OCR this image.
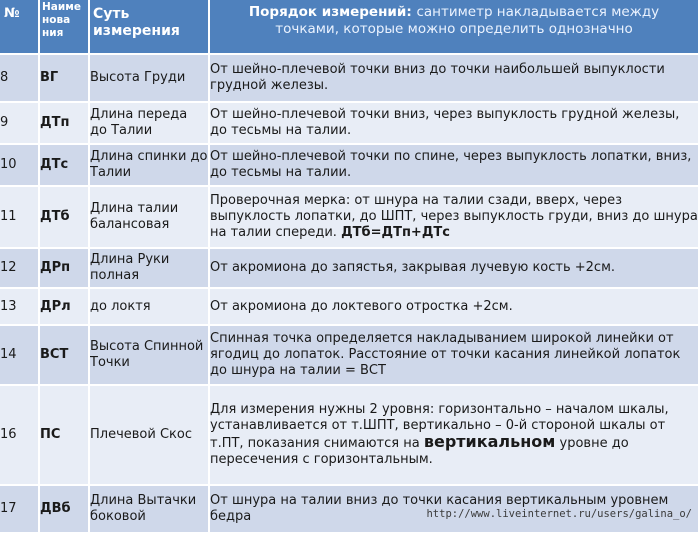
№	Наиме нова ния	Суть измерения	Порядок измерений: сантиметр накладывается между точками, которые можно определить однозначно
8	ВГ	Высота Груди	От шейно-плечевой точки вниз до точки наибольшей выпуклости грудной железы.
9	ДТп	Длина переда до Талии	От шейно-плечевой точки вниз, через выпуклость грудной железы, до тесьмы на талии.
10	ДТс	Длина спинки до Талии	От шейно-плечевой точки по спине, через выпуклость лопатки, вниз, до тесьмы на талии.
11	ДТб	Длина талии балансовая	Проверочная мерка: от шнура на талии сзади, вверх, через выпуклость лопатки, до ШПТ, через выпуклость груди, вниз до шнура на талии спереди. ДТб=ДТп+ДТс
12	ДРп	Длина Руки полная	От акромиона до запястья, закрывая лучевую кость +2см.
13	ДРл	до локтя	От акромиона до локтевого отростка +2см.
14	ВСТ	Высота Спинной Точки	Спинная точка определяется накладыванием широкой линейки от ягодиц до лопаток. Расстояние от точки касания линейкой лопаток до шнура на талии = ВСТ
16	ПС	Плечевой Скос	Для измерения нужны 2 уровня: горизонтально – началом шкалы, устанавливается от т.ШПТ, вертикально – 0-й стороной шкалы от т.ПТ, показания снимаются на вертикальном уровне до пересечения с горизонтальным.
17	ДВб	Длина Вытачки боковой	От шнура на талии вниз до точки касания вертикальным уровнем бедра	http://www.liveinternet.ru/users/galina_o/
